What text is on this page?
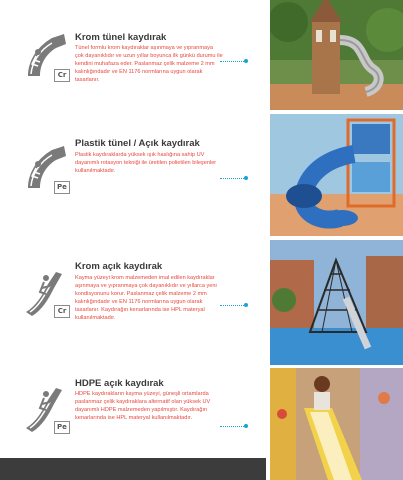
Cr
Krom tünel kaydırak

Tünel formlu krom kaydıraklar aşınmaya ve yıpranmaya çok dayanıklıdır ve uzun yıllar boyunca ilk günkü durumu ile kendini muhafaza eder. Paslanmaz çelik malzeme 2 mm kalınlığındadır ve EN 1176 normlarına uygun olarak tasarlanır.

Pe
Plastik tünel / Açık kaydırak

Plastik kaydıraklarda yüksek ışık haslığına sahip UV dayanımlı rotasyon tekniği ile üretilen polietilen bileşenler kullanılmaktadır.

Cr
Krom açık kaydırak

Kayma yüzeyi krom malzemeden imal edilen kaydıraklar aşınmaya ve yıpranmaya çok dayanıklıdır ve yıllarca yeni kondisyonunu korur. Paslanmaz çelik malzeme 2 mm kalınlığındadır ve EN 1176 normlarına uygun olarak tasarlanır. Kaydırağın kenarlarında ise HPL materyal kullanılmaktadır.

Pe
HDPE açık kaydırak

HDPE kaydırakların kayma yüzeyi, güneşli ortamlarda paslanmaz çelik kaydıraklara alternatif olan yüksek UV dayanımlı HDPE malzemeden yapılmıştır. Kaydırağın kenarlarında ise HPL materyal kullanılmaktadır.
